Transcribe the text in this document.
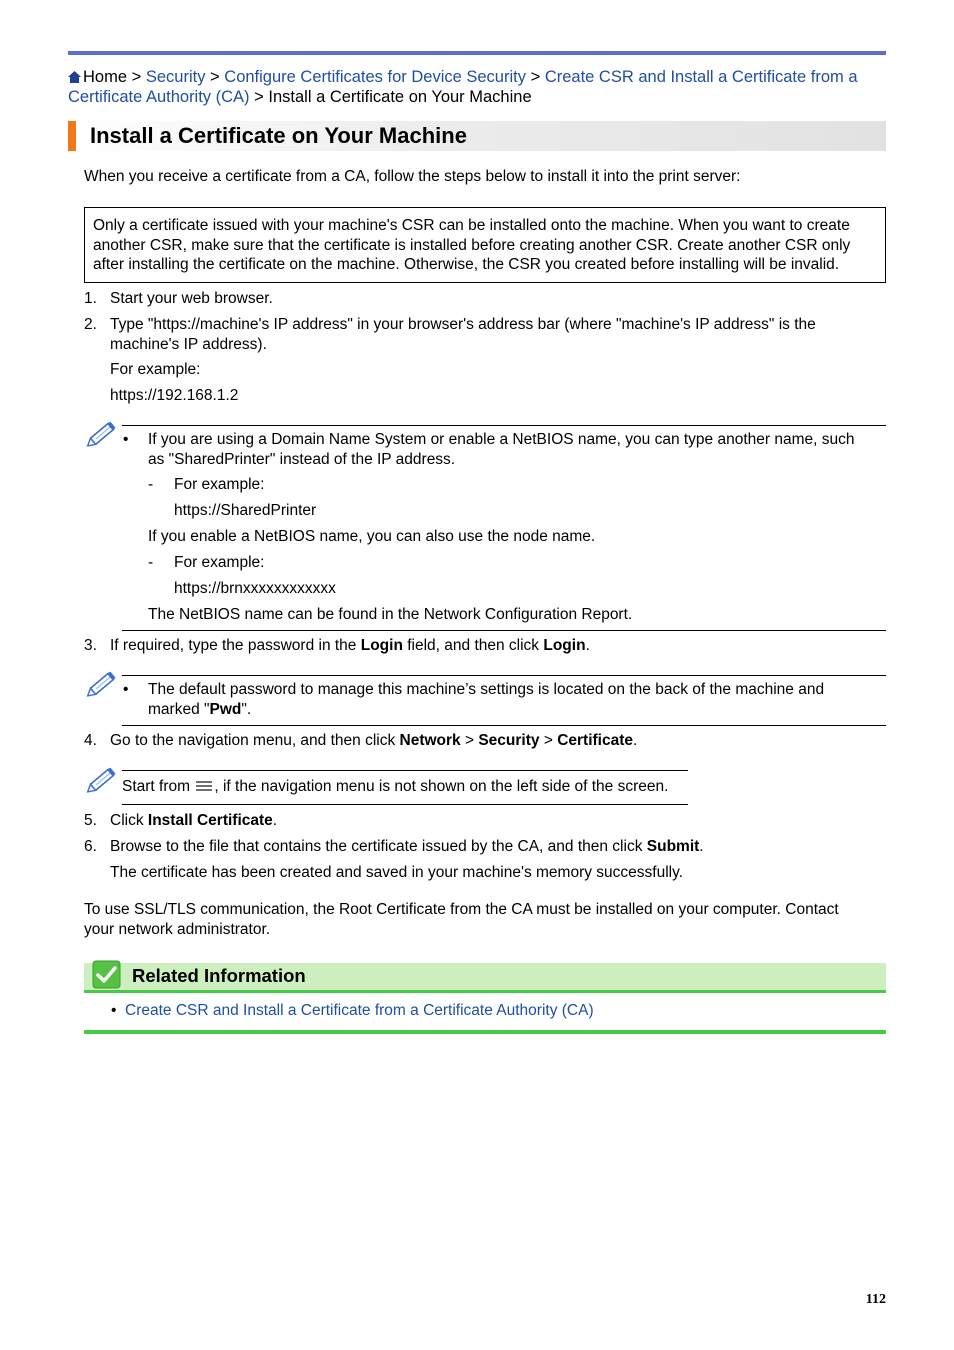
Home > Security > Configure Certificates for Device Security > Create CSR and Install a Certificate from a
Certificate Authority (CA) > Install a Certificate on Your Machine
Install a Certificate on Your Machine
When you receive a certificate from a CA, follow the steps below to install it into the print server:
Only a certificate issued with your machine's CSR can be installed onto the machine. When you want to create
another CSR, make sure that the certificate is installed before creating another CSR. Create another CSR only
after installing the certificate on the machine. Otherwise, the CSR you created before installing will be invalid.
1. Start your web browser.
2. Type "https://machine's IP address" in your browser's address bar (where "machine's IP address" is the
machine's IP address).
For example:
https://192.168.1.2
• If you are using a Domain Name System or enable a NetBIOS name, you can type another name, such
as "SharedPrinter" instead of the IP address.
- For example:
https://SharedPrinter
If you enable a NetBIOS name, you can also use the node name.
- For example:
https://brnxxxxxxxxxxxx
The NetBIOS name can be found in the Network Configuration Report.
3. If required, type the password in the Login field, and then click Login.
• The default password to manage this machine’s settings is located on the back of the machine and
marked "Pwd".
4. Go to the navigation menu, and then click Network > Security > Certificate.
Start from , if the navigation menu is not shown on the left side of the screen.
5. Click Install Certificate.
6. Browse to the file that contains the certificate issued by the CA, and then click Submit.
The certificate has been created and saved in your machine's memory successfully.
To use SSL/TLS communication, the Root Certificate from the CA must be installed on your computer. Contact
your network administrator.
Related Information
• Create CSR and Install a Certificate from a Certificate Authority (CA)
112
